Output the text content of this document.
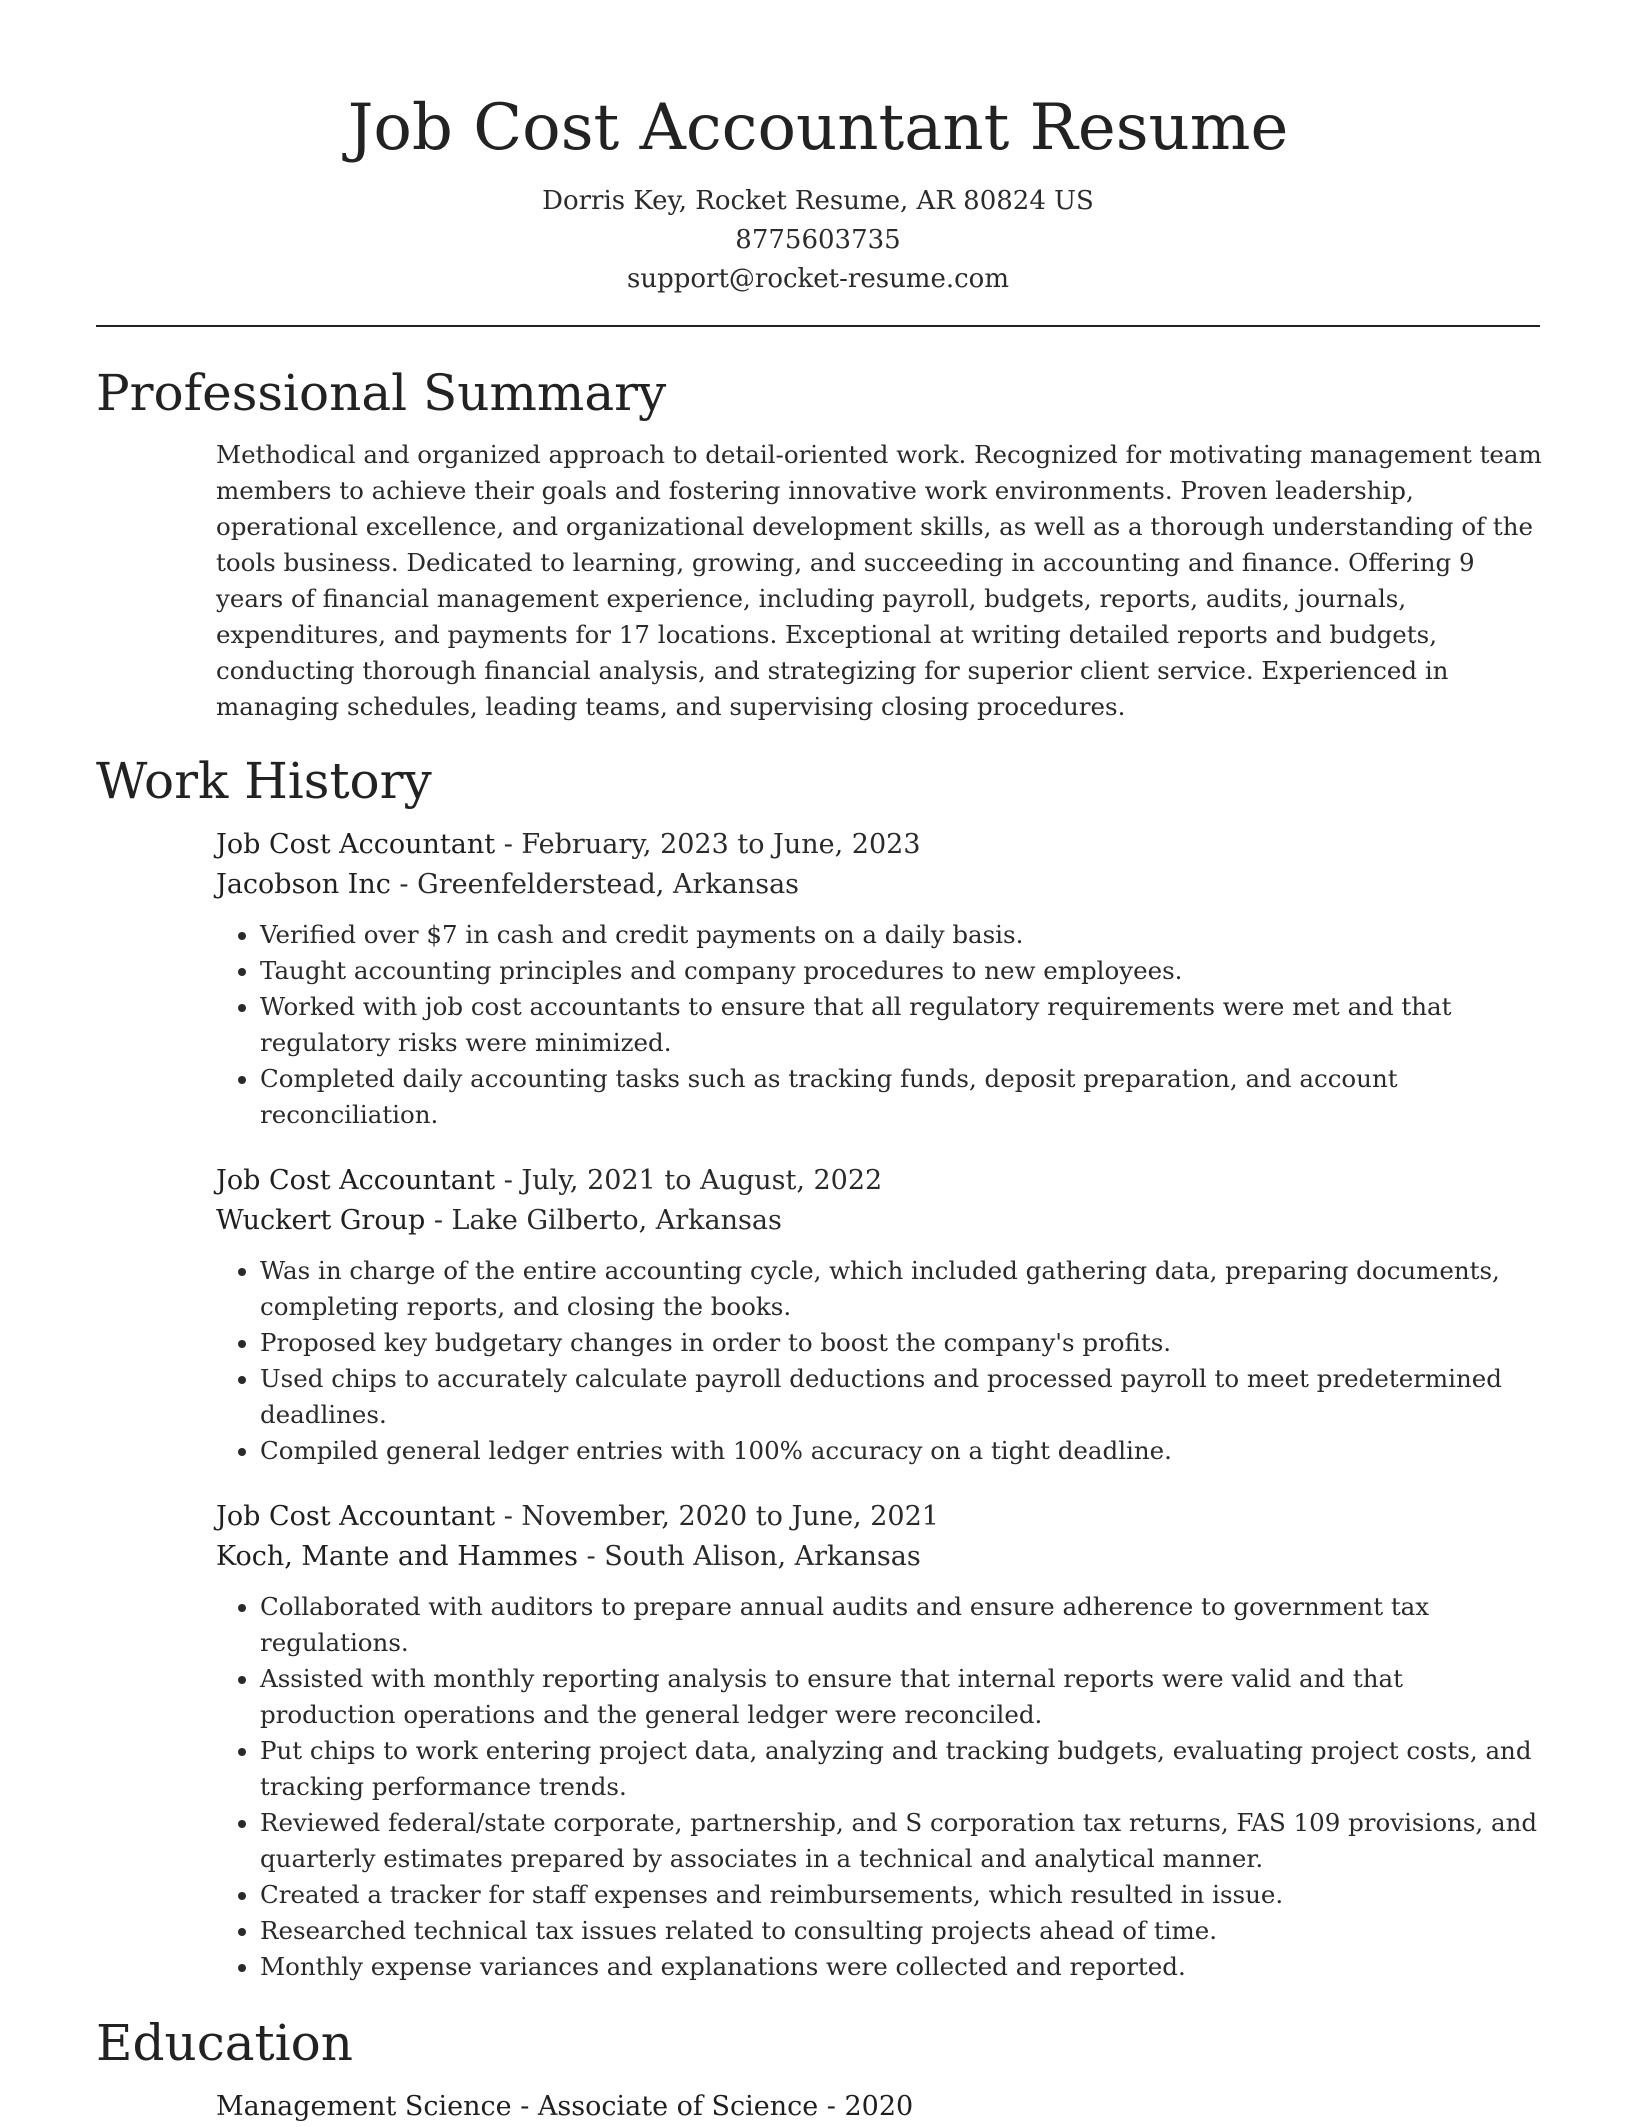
Job Cost Accountant Resume
Dorris Key, Rocket Resume, AR 80824 US
8775603735
support@rocket-resume.com
Professional Summary

Methodical and organized approach to detail-oriented work. Recognized for motivating management team members to achieve their goals and fostering innovative work environments. Proven leadership, operational excellence, and organizational development skills, as well as a thorough understanding of the tools business. Dedicated to learning, growing, and succeeding in accounting and finance. Offering 9 years of financial management experience, including payroll, budgets, reports, audits, journals, expenditures, and payments for 17 locations. Exceptional at writing detailed reports and budgets, conducting thorough financial analysis, and strategizing for superior client service. Experienced in managing schedules, leading teams, and supervising closing procedures.

Work History
Job Cost Accountant - February, 2023 to June, 2023
Jacobson Inc - Greenfelderstead, Arkansas
• Verified over $7 in cash and credit payments on a daily basis.
• Taught accounting principles and company procedures to new employees.
• Worked with job cost accountants to ensure that all regulatory requirements were met and that regulatory risks were minimized.
• Completed daily accounting tasks such as tracking funds, deposit preparation, and account reconciliation.
Job Cost Accountant - July, 2021 to August, 2022
Wuckert Group - Lake Gilberto, Arkansas
• Was in charge of the entire accounting cycle, which included gathering data, preparing documents, completing reports, and closing the books.
• Proposed key budgetary changes in order to boost the company's profits.
• Used chips to accurately calculate payroll deductions and processed payroll to meet predetermined deadlines.
• Compiled general ledger entries with 100% accuracy on a tight deadline.
Job Cost Accountant - November, 2020 to June, 2021
Koch, Mante and Hammes - South Alison, Arkansas
• Collaborated with auditors to prepare annual audits and ensure adherence to government tax regulations.
• Assisted with monthly reporting analysis to ensure that internal reports were valid and that production operations and the general ledger were reconciled.
• Put chips to work entering project data, analyzing and tracking budgets, evaluating project costs, and tracking performance trends.
• Reviewed federal/state corporate, partnership, and S corporation tax returns, FAS 109 provisions, and quarterly estimates prepared by associates in a technical and analytical manner.
• Created a tracker for staff expenses and reimbursements, which resulted in issue.
• Researched technical tax issues related to consulting projects ahead of time.
• Monthly expense variances and explanations were collected and reported.
Education
Management Science - Associate of Science - 2020
